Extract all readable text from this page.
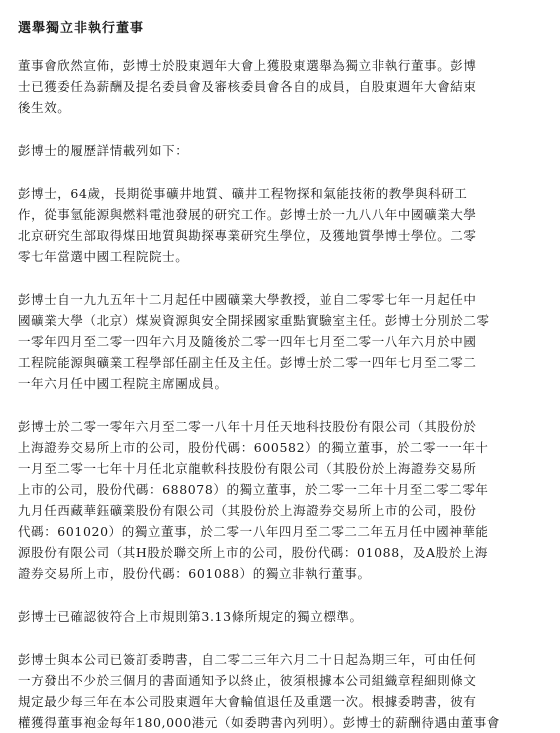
選舉獨立非執行董事
董事會欣然宣佈，彭博士於股東週年大會上獲股東選舉為獨立非執行董事。彭博
士已獲委任為薪酬及提名委員會及審核委員會各自的成員，自股東週年大會結束
後生效。
彭博士的履歷詳情載列如下：
彭博士，64歲，長期從事礦井地質、礦井工程物探和氣能技術的教學與科研工
作，從事氫能源與燃料電池發展的研究工作。彭博士於一九八八年中國礦業大學
北京研究生部取得煤田地質與勘探專業研究生學位，及獲地質學博士學位。二零
零七年當選中國工程院院士。
彭博士自一九九五年十二月起任中國礦業大學教授，並自二零零七年一月起任中
國礦業大學（北京）煤炭資源與安全開採國家重點實驗室主任。彭博士分別於二零
一零年四月至二零一四年六月及隨後於二零一四年七月至二零一八年六月於中國
工程院能源與礦業工程學部任副主任及主任。彭博士於二零一四年七月至二零二
一年六月任中國工程院主席團成員。
彭博士於二零一零年六月至二零一八年十月任天地科技股份有限公司（其股份於
上海證券交易所上市的公司，股份代碼：600582）的獨立董事，於二零一一年十
一月至二零一七年十月任北京龍軟科技股份有限公司（其股份於上海證券交易所
上市的公司，股份代碼：688078）的獨立董事，於二零一二年十月至二零二零年
九月任西藏華鈺礦業股份有限公司（其股份於上海證券交易所上市的公司，股份
代碼：601020）的獨立董事，於二零一八年四月至二零二二年五月任中國神華能
源股份有限公司（其H股於聯交所上市的公司，股份代碼：01088，及A股於上海
證券交易所上市，股份代碼：601088）的獨立非執行董事。
彭博士已確認彼符合上市規則第3.13條所規定的獨立標準。
彭博士與本公司已簽訂委聘書，自二零二三年六月二十日起為期三年，可由任何
一方發出不少於三個月的書面通知予以終止，彼須根據本公司組織章程細則條文
規定最少每三年在本公司股東週年大會輪值退任及重選一次。根據委聘書，彼有
權獲得董事袍金每年180,000港元（如委聘書內列明）。彭博士的薪酬待遇由董事會
